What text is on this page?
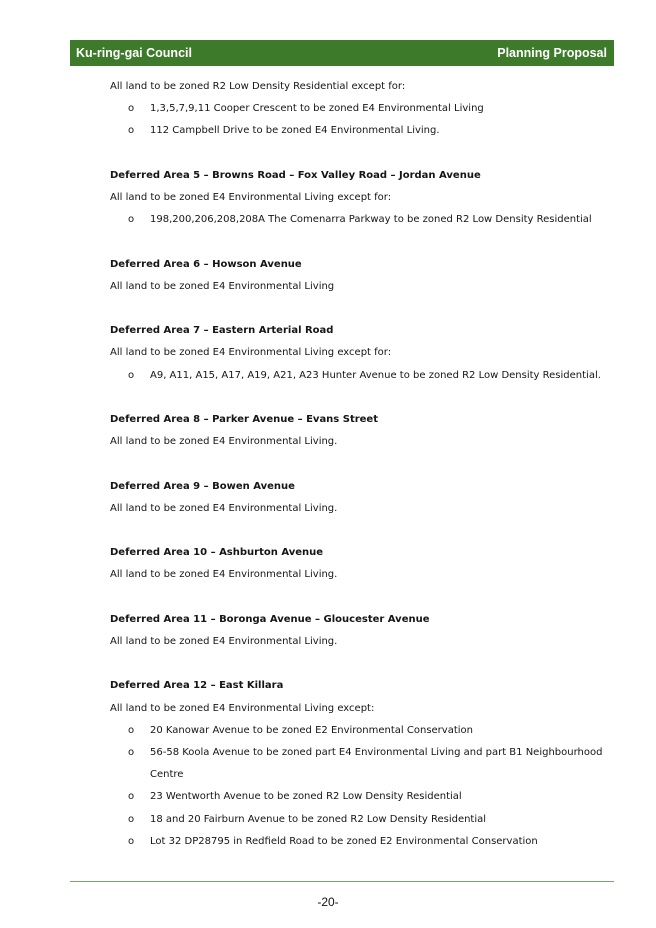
Ku-ring-gai Council	Planning Proposal

All land to be zoned R2 Low Density Residential except for:

o 1,3,5,7,9,11 Cooper Crescent to be zoned E4 Environmental Living

o 112 Campbell Drive to be zoned E4 Environmental Living.

Deferred Area 5 – Browns Road – Fox Valley Road – Jordan Avenue

All land to be zoned E4 Environmental Living except for:

o 198,200,206,208,208A The Comenarra Parkway to be zoned R2 Low Density Residential

Deferred Area 6 – Howson Avenue

All land to be zoned E4 Environmental Living

Deferred Area 7 – Eastern Arterial Road

All land to be zoned E4 Environmental Living except for:

o A9, A11, A15, A17, A19, A21, A23 Hunter Avenue to be zoned R2 Low Density Residential.

Deferred Area 8 – Parker Avenue – Evans Street

All land to be zoned E4 Environmental Living.

Deferred Area 9 – Bowen Avenue

All land to be zoned E4 Environmental Living.

Deferred Area 10 – Ashburton Avenue

All land to be zoned E4 Environmental Living.

Deferred Area 11 – Boronga Avenue – Gloucester Avenue

All land to be zoned E4 Environmental Living.

Deferred Area 12 – East Killara

All land to be zoned E4 Environmental Living except:

o 20 Kanowar Avenue to be zoned E2 Environmental Conservation

o 56-58 Koola Avenue to be zoned part E4 Environmental Living and part B1 Neighbourhood Centre

o 23 Wentworth Avenue to be zoned R2 Low Density Residential

o 18 and 20 Fairburn Avenue to be zoned R2 Low Density Residential

o Lot 32 DP28795 in Redfield Road to be zoned E2 Environmental Conservation

-20-
